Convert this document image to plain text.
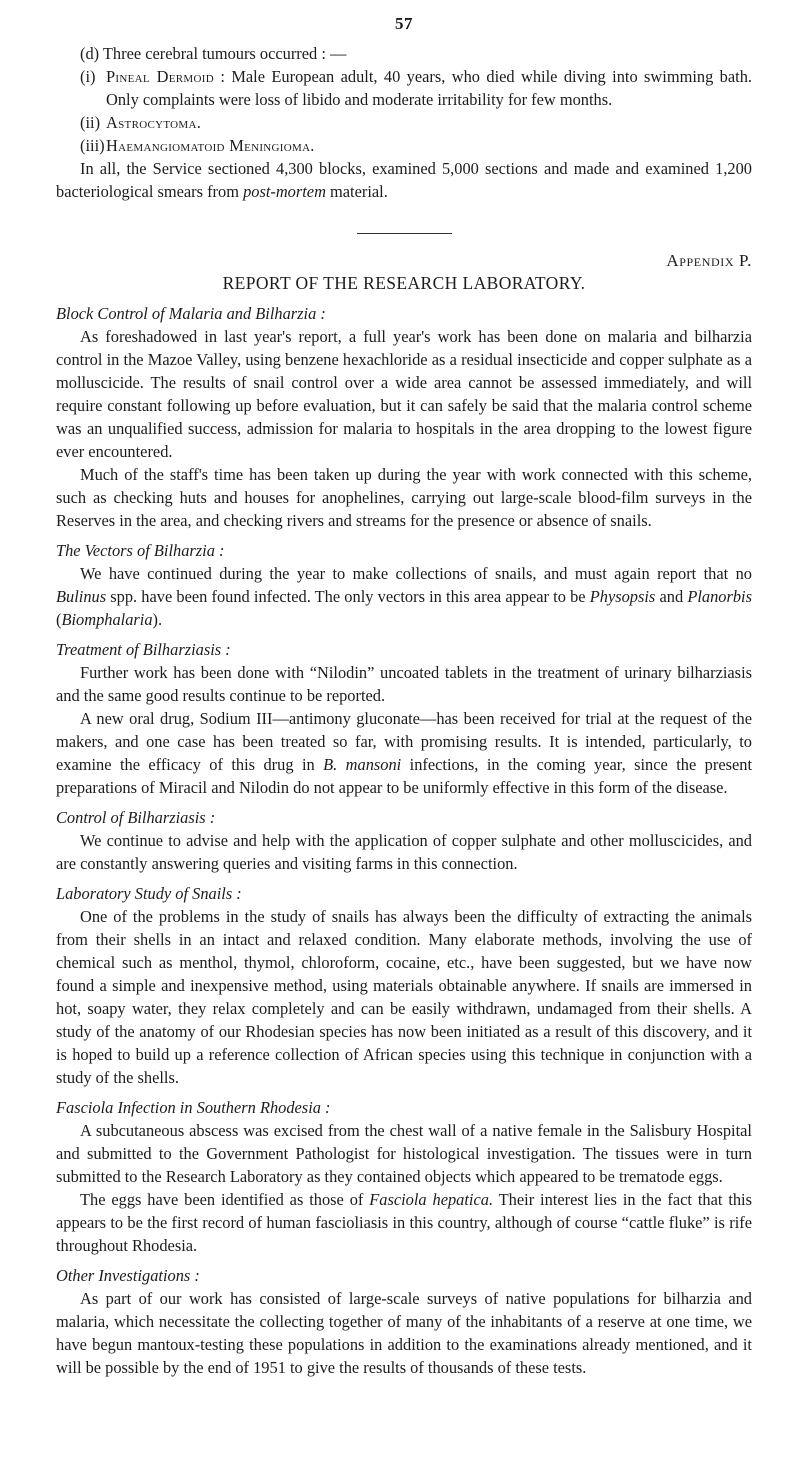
57
(d) Three cerebral tumours occurred : —
(i) Pineal Dermoid : Male European adult, 40 years, who died while diving into swimming bath. Only complaints were loss of libido and moderate irritability for few months.
(ii) Astrocytoma.
(iii) Haemangiomatoid Meningioma.

In all, the Service sectioned 4,300 blocks, examined 5,000 sections and made and examined 1,200 bacteriological smears from post-mortem material.

Appendix P.
REPORT OF THE RESEARCH LABORATORY.
Block Control of Malaria and Bilharzia :

As foreshadowed in last year's report, a full year's work has been done on malaria and bilharzia control in the Mazoe Valley, using benzene hexachloride as a residual insecticide and copper sulphate as a molluscicide. The results of snail control over a wide area cannot be assessed immediately, and will require constant following up before evaluation, but it can safely be said that the malaria control scheme was an unqualified success, admission for malaria to hospitals in the area dropping to the lowest figure ever encountered.

Much of the staff's time has been taken up during the year with work connected with this scheme, such as checking huts and houses for anophelines, carrying out large-scale blood-film surveys in the Reserves in the area, and checking rivers and streams for the presence or absence of snails.

The Vectors of Bilharzia :

We have continued during the year to make collections of snails, and must again report that no Bulinus spp. have been found infected. The only vectors in this area appear to be Physopsis and Planorbis (Biomphalaria).

Treatment of Bilharziasis :

Further work has been done with “Nilodin” uncoated tablets in the treatment of urinary bilharziasis and the same good results continue to be reported.

A new oral drug, Sodium III—antimony gluconate—has been received for trial at the request of the makers, and one case has been treated so far, with promising results. It is intended, particularly, to examine the efficacy of this drug in B. mansoni infections, in the coming year, since the present preparations of Miracil and Nilodin do not appear to be uniformly effective in this form of the disease.

Control of Bilharziasis :

We continue to advise and help with the application of copper sulphate and other molluscicides, and are constantly answering queries and visiting farms in this connection.

Laboratory Study of Snails :

One of the problems in the study of snails has always been the difficulty of extracting the animals from their shells in an intact and relaxed condition. Many elaborate methods, involving the use of chemical such as menthol, thymol, chloroform, cocaine, etc., have been suggested, but we have now found a simple and inexpensive method, using materials obtainable anywhere. If snails are immersed in hot, soapy water, they relax completely and can be easily withdrawn, undamaged from their shells. A study of the anatomy of our Rhodesian species has now been initiated as a result of this discovery, and it is hoped to build up a reference collection of African species using this technique in conjunction with a study of the shells.

Fasciola Infection in Southern Rhodesia :

A subcutaneous abscess was excised from the chest wall of a native female in the Salisbury Hospital and submitted to the Government Pathologist for histological investigation. The tissues were in turn submitted to the Research Laboratory as they contained objects which appeared to be trematode eggs.

The eggs have been identified as those of Fasciola hepatica. Their interest lies in the fact that this appears to be the first record of human fascioliasis in this country, although of course “cattle fluke” is rife throughout Rhodesia.

Other Investigations :

As part of our work has consisted of large-scale surveys of native populations for bilharzia and malaria, which necessitate the collecting together of many of the inhabitants of a reserve at one time, we have begun mantoux-testing these populations in addition to the examinations already mentioned, and it will be possible by the end of 1951 to give the results of thousands of these tests.
